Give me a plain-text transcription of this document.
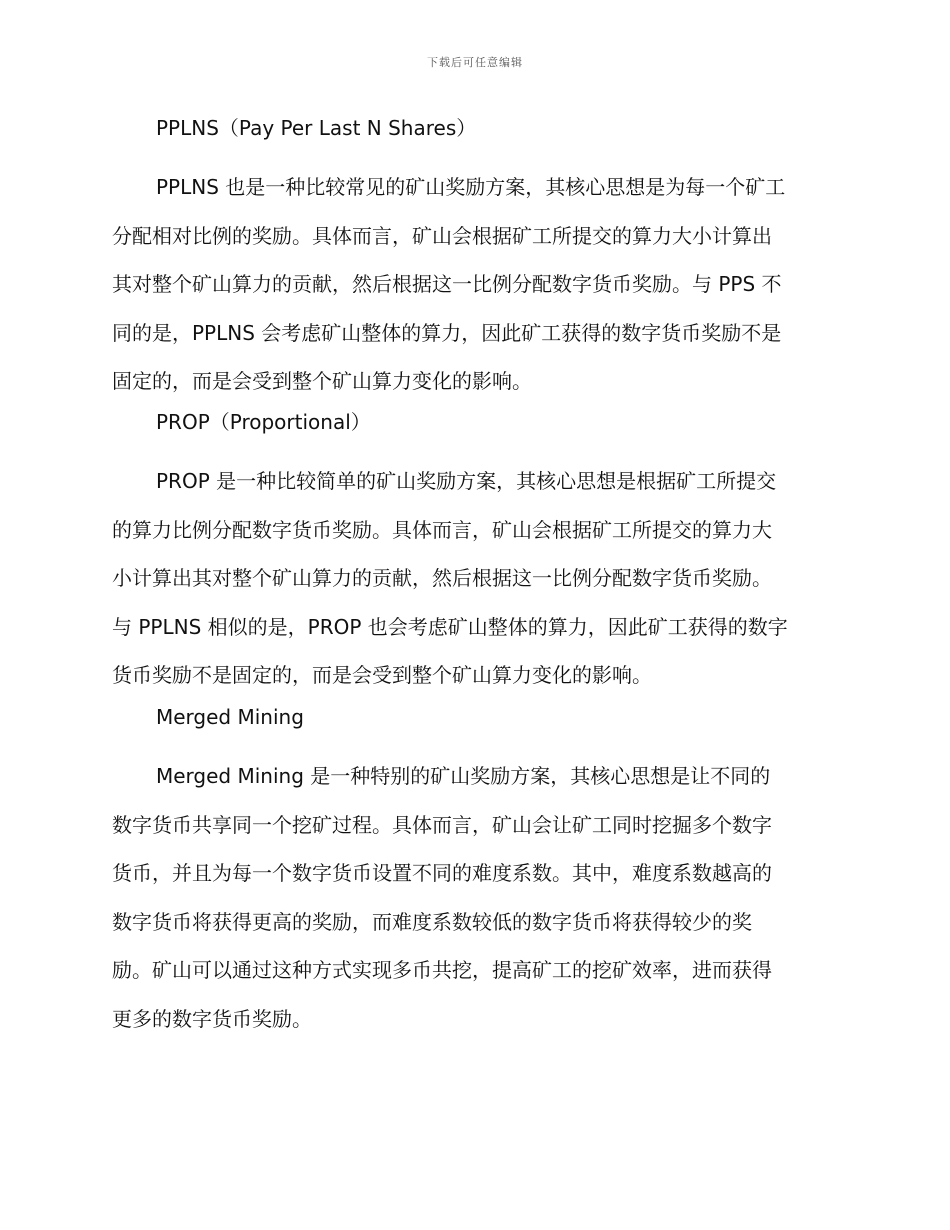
下载后可任意编辑
PPLNS（Pay Per Last N Shares）
PPLNS 也是一种比较常见的矿山奖励方案，其核心思想是为每一个矿工
分配相对比例的奖励。具体而言，矿山会根据矿工所提交的算力大小计算出
其对整个矿山算力的贡献，然后根据这一比例分配数字货币奖励。与 PPS 不
同的是，PPLNS 会考虑矿山整体的算力，因此矿工获得的数字货币奖励不是
固定的，而是会受到整个矿山算力变化的影响。
PROP（Proportional）
PROP 是一种比较简单的矿山奖励方案，其核心思想是根据矿工所提交
的算力比例分配数字货币奖励。具体而言，矿山会根据矿工所提交的算力大
小计算出其对整个矿山算力的贡献，然后根据这一比例分配数字货币奖励。
与 PPLNS 相似的是，PROP 也会考虑矿山整体的算力，因此矿工获得的数字
货币奖励不是固定的，而是会受到整个矿山算力变化的影响。
Merged Mining
Merged Mining 是一种特别的矿山奖励方案，其核心思想是让不同的
数字货币共享同一个挖矿过程。具体而言，矿山会让矿工同时挖掘多个数字
货币，并且为每一个数字货币设置不同的难度系数。其中，难度系数越高的
数字货币将获得更高的奖励，而难度系数较低的数字货币将获得较少的奖
励。矿山可以通过这种方式实现多币共挖，提高矿工的挖矿效率，进而获得
更多的数字货币奖励。
